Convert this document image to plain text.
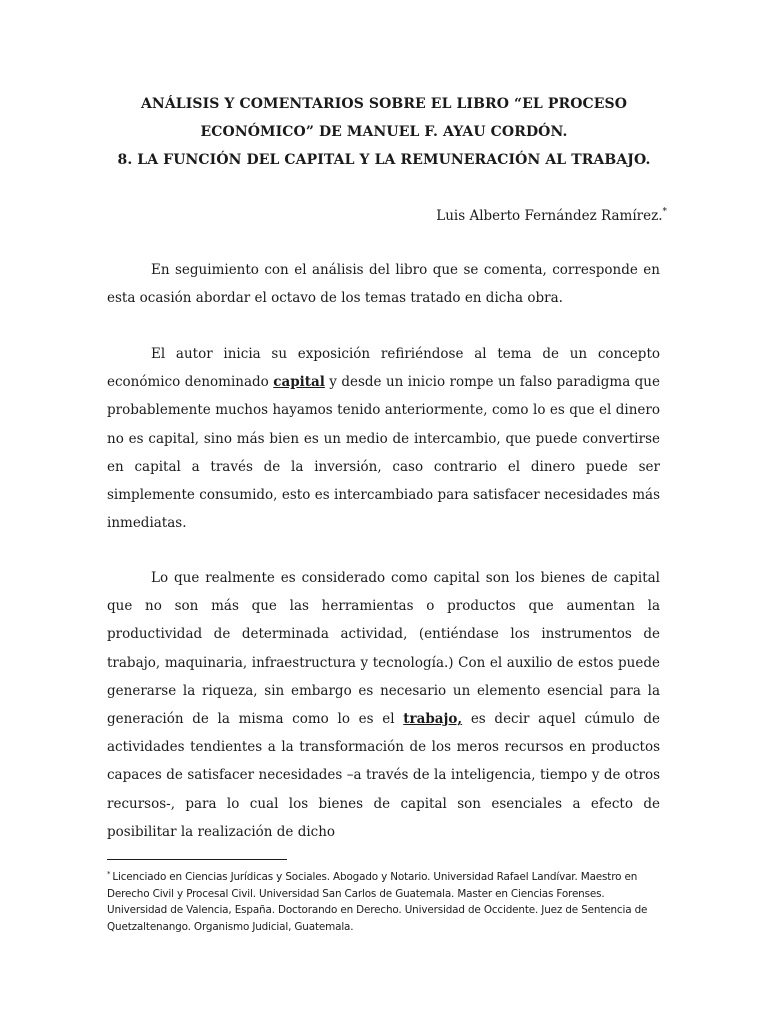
ANÁLISIS Y COMENTARIOS SOBRE EL LIBRO “EL PROCESO
ECONÓMICO” DE MANUEL F. AYAU CORDÓN.
8. LA FUNCIÓN DEL CAPITAL Y LA REMUNERACIÓN AL TRABAJO.
Luis Alberto Fernández Ramírez.*

En seguimiento con el análisis del libro que se comenta, corresponde en esta ocasión abordar el octavo de los temas tratado en dicha obra.

El autor inicia su exposición refiriéndose al tema de un concepto económico denominado capital y desde un inicio rompe un falso paradigma que probablemente muchos hayamos tenido anteriormente, como lo es que el dinero no es capital, sino más bien es un medio de intercambio, que puede convertirse en capital a través de la inversión, caso contrario el dinero puede ser simplemente consumido, esto es intercambiado para satisfacer necesidades más inmediatas.

Lo que realmente es considerado como capital son los bienes de capital que no son más que las herramientas o productos que aumentan la productividad de determinada actividad, (entiéndase los instrumentos de trabajo, maquinaria, infraestructura y tecnología.) Con el auxilio de estos puede generarse la riqueza, sin embargo es necesario un elemento esencial para la generación de la misma como lo es el trabajo, es decir aquel cúmulo de actividades tendientes a la transformación de los meros recursos en productos capaces de satisfacer necesidades –a través de la inteligencia, tiempo y de otros recursos-, para lo cual los bienes de capital son esenciales a efecto de posibilitar la realización de dicho

* Licenciado en Ciencias Jurídicas y Sociales. Abogado y Notario. Universidad Rafael Landívar. Maestro en Derecho Civil y Procesal Civil. Universidad San Carlos de Guatemala. Master en Ciencias Forenses. Universidad de Valencia, España. Doctorando en Derecho. Universidad de Occidente. Juez de Sentencia de Quetzaltenango. Organismo Judicial, Guatemala.
